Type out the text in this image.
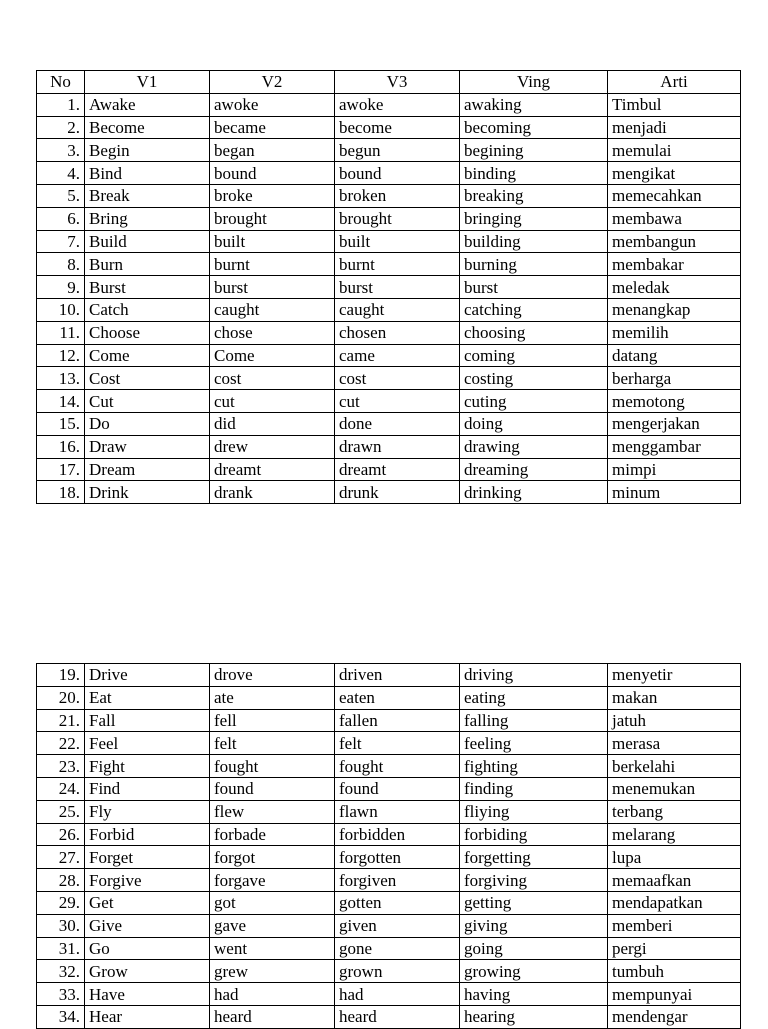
No	V1	V2	V3	Ving	Arti
1.	Awake	awoke	awoke	awaking	Timbul
2.	Become	became	become	becoming	menjadi
3.	Begin	began	begun	begining	memulai
4.	Bind	bound	bound	binding	mengikat
5.	Break	broke	broken	breaking	memecahkan
6.	Bring	brought	brought	bringing	membawa
7.	Build	built	built	building	membangun
8.	Burn	burnt	burnt	burning	membakar
9.	Burst	burst	burst	burst	meledak
10.	Catch	caught	caught	catching	menangkap
11.	Choose	chose	chosen	choosing	memilih
12.	Come	Come	came	coming	datang
13.	Cost	cost	cost	costing	berharga
14.	Cut	cut	cut	cuting	memotong
15.	Do	did	done	doing	mengerjakan
16.	Draw	drew	drawn	drawing	menggambar
17.	Dream	dreamt	dreamt	dreaming	mimpi
18.	Drink	drank	drunk	drinking	minum
19.	Drive	drove	driven	driving	menyetir
20.	Eat	ate	eaten	eating	makan
21.	Fall	fell	fallen	falling	jatuh
22.	Feel	felt	felt	feeling	merasa
23.	Fight	fought	fought	fighting	berkelahi
24.	Find	found	found	finding	menemukan
25.	Fly	flew	flawn	fliying	terbang
26.	Forbid	forbade	forbidden	forbiding	melarang
27.	Forget	forgot	forgotten	forgetting	lupa
28.	Forgive	forgave	forgiven	forgiving	memaafkan
29.	Get	got	gotten	getting	mendapatkan
30.	Give	gave	given	giving	memberi
31.	Go	went	gone	going	pergi
32.	Grow	grew	grown	growing	tumbuh
33.	Have	had	had	having	mempunyai
34.	Hear	heard	heard	hearing	mendengar
